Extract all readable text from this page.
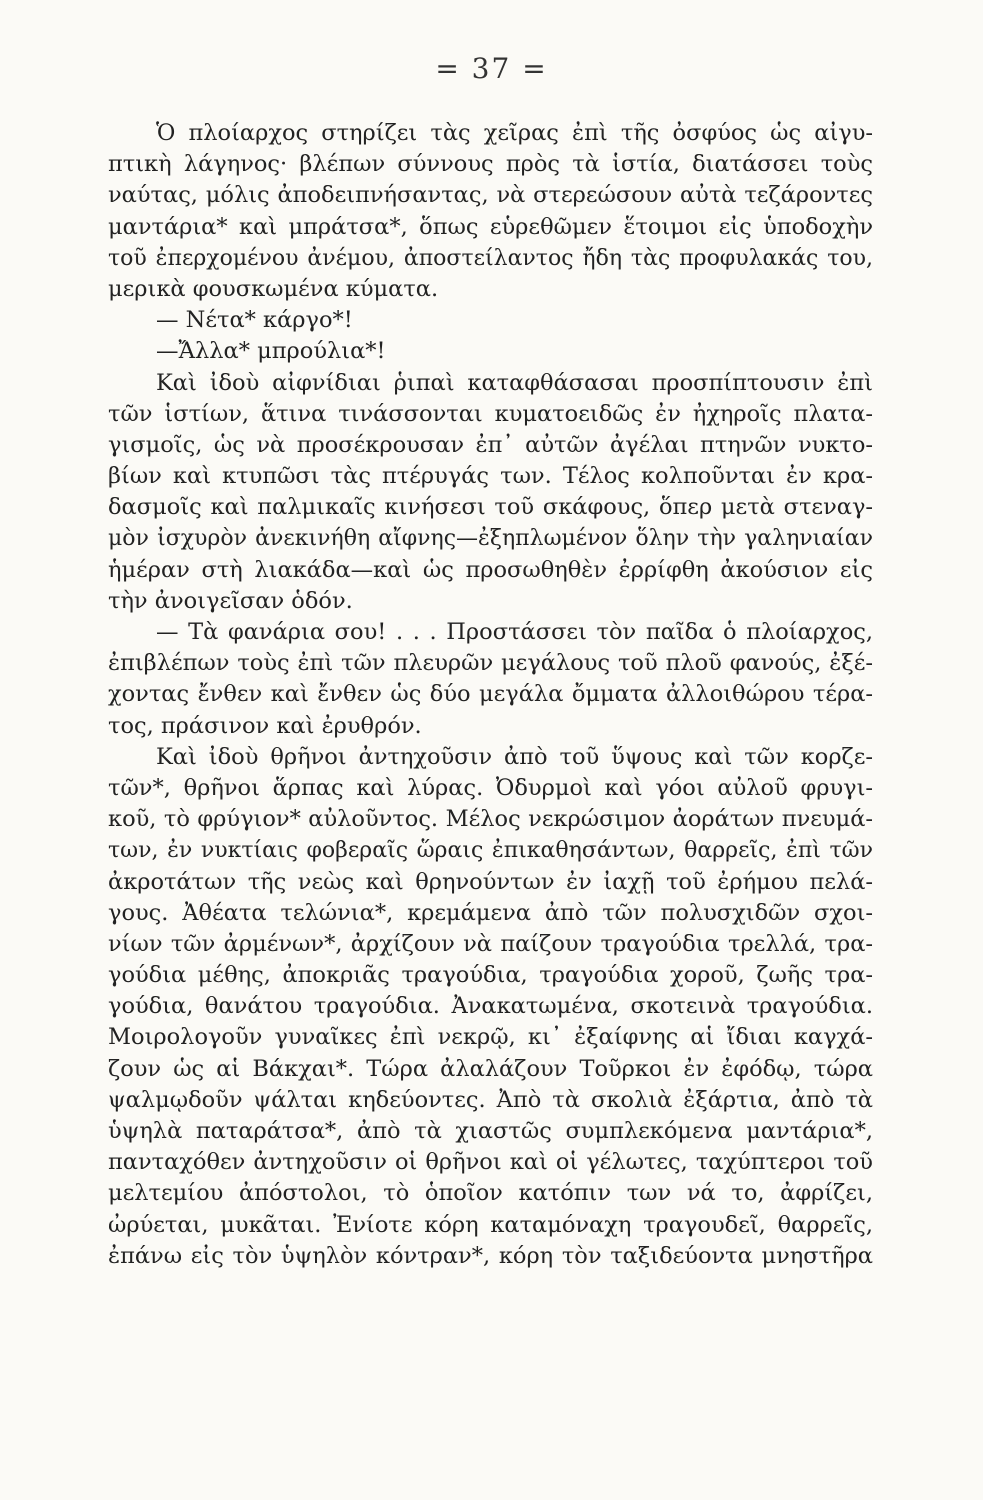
= 37 =
Ὁ πλοίαρχος στηρίζει τὰς χεῖρας ἐπὶ τῆς ὀσφύος ὡς αἰγυ-
πτικὴ λάγηνος· βλέπων σύννους πρὸς τὰ ἱστία, διατάσσει τοὺς
ναύτας, μόλις ἀποδειπνήσαντας, νὰ στερεώσουν αὐτὰ τεζάροντες
μαντάρια* καὶ μπράτσα*, ὅπως εὑρεθῶμεν ἕτοιμοι εἰς ὑποδοχὴν
τοῦ ἐπερχομένου ἀνέμου, ἀποστείλαντος ἤδη τὰς προφυλακάς του,
μερικὰ φουσκωμένα κύματα.
— Νέτα* κάργο*!
—Ἄλλα* μπρούλια*!
Καὶ ἰδοὺ αἰφνίδιαι ῥιπαὶ καταφθάσασαι προσπίπτουσιν ἐπὶ
τῶν ἱστίων, ἅτινα τινάσσονται κυματοειδῶς ἐν ἠχηροῖς πλατα-
γισμοῖς, ὡς νὰ προσέκρουσαν ἐπ᾽ αὐτῶν ἀγέλαι πτηνῶν νυκτο-
βίων καὶ κτυπῶσι τὰς πτέρυγάς των. Τέλος κολποῦνται ἐν κρα-
δασμοῖς καὶ παλμικαῖς κινήσεσι τοῦ σκάφους, ὅπερ μετὰ στεναγ-
μὸν ἰσχυρὸν ἀνεκινήθη αἴφνης—ἐξηπλωμένον ὅλην τὴν γαληνιαίαν
ἡμέραν στὴ λιακάδα—καὶ ὡς προσωθηθὲν ἐρρίφθη ἀκούσιον εἰς
τὴν ἀνοιγεῖσαν ὁδόν.
— Τὰ φανάρια σου! . . . Προστάσσει τὸν παῖδα ὁ πλοίαρχος,
ἐπιβλέπων τοὺς ἐπὶ τῶν πλευρῶν μεγάλους τοῦ πλοῦ φανούς, ἐξέ-
χοντας ἔνθεν καὶ ἔνθεν ὡς δύο μεγάλα ὄμματα ἀλλοιθώρου τέρα-
τος, πράσινον καὶ ἐρυθρόν.
Καὶ ἰδοὺ θρῆνοι ἀντηχοῦσιν ἀπὸ τοῦ ὕψους καὶ τῶν κορζε-
τῶν*, θρῆνοι ἅρπας καὶ λύρας. Ὀδυρμοὶ καὶ γόοι αὐλοῦ φρυγι-
κοῦ, τὸ φρύγιον* αὐλοῦντος. Μέλος νεκρώσιμον ἀοράτων πνευμά-
των, ἐν νυκτίαις φοβεραῖς ὥραις ἐπικαθησάντων, θαρρεῖς, ἐπὶ τῶν
ἀκροτάτων τῆς νεὼς καὶ θρηνούντων ἐν ἰαχῇ τοῦ ἐρήμου πελά-
γους. Ἀθέατα τελώνια*, κρεμάμενα ἀπὸ τῶν πολυσχιδῶν σχοι-
νίων τῶν ἀρμένων*, ἀρχίζουν νὰ παίζουν τραγούδια τρελλά, τρα-
γούδια μέθης, ἀποκριᾶς τραγούδια, τραγούδια χοροῦ, ζωῆς τρα-
γούδια, θανάτου τραγούδια. Ἀνακατωμένα, σκοτεινὰ τραγούδια.
Μοιρολογοῦν γυναῖκες ἐπὶ νεκρῷ, κι᾽ ἐξαίφνης αἱ ἴδιαι καγχά-
ζουν ὡς αἱ Βάκχαι*. Τώρα ἀλαλάζουν Τοῦρκοι ἐν ἐφόδῳ, τώρα
ψαλμῳδοῦν ψάλται κηδεύοντες. Ἀπὸ τὰ σκολιὰ ἐξάρτια, ἀπὸ τὰ
ὑψηλὰ παταράτσα*, ἀπὸ τὰ χιαστῶς συμπλεκόμενα μαντάρια*,
πανταχόθεν ἀντηχοῦσιν οἱ θρῆνοι καὶ οἱ γέλωτες, ταχύπτεροι τοῦ
μελτεμίου ἀπόστολοι, τὸ ὁποῖον κατόπιν των νά το, ἀφρίζει,
ὠρύεται, μυκᾶται. Ἐνίοτε κόρη καταμόναχη τραγουδεῖ, θαρρεῖς,
ἐπάνω εἰς τὸν ὑψηλὸν κόντραν*, κόρη τὸν ταξιδεύοντα μνηστῆρα
